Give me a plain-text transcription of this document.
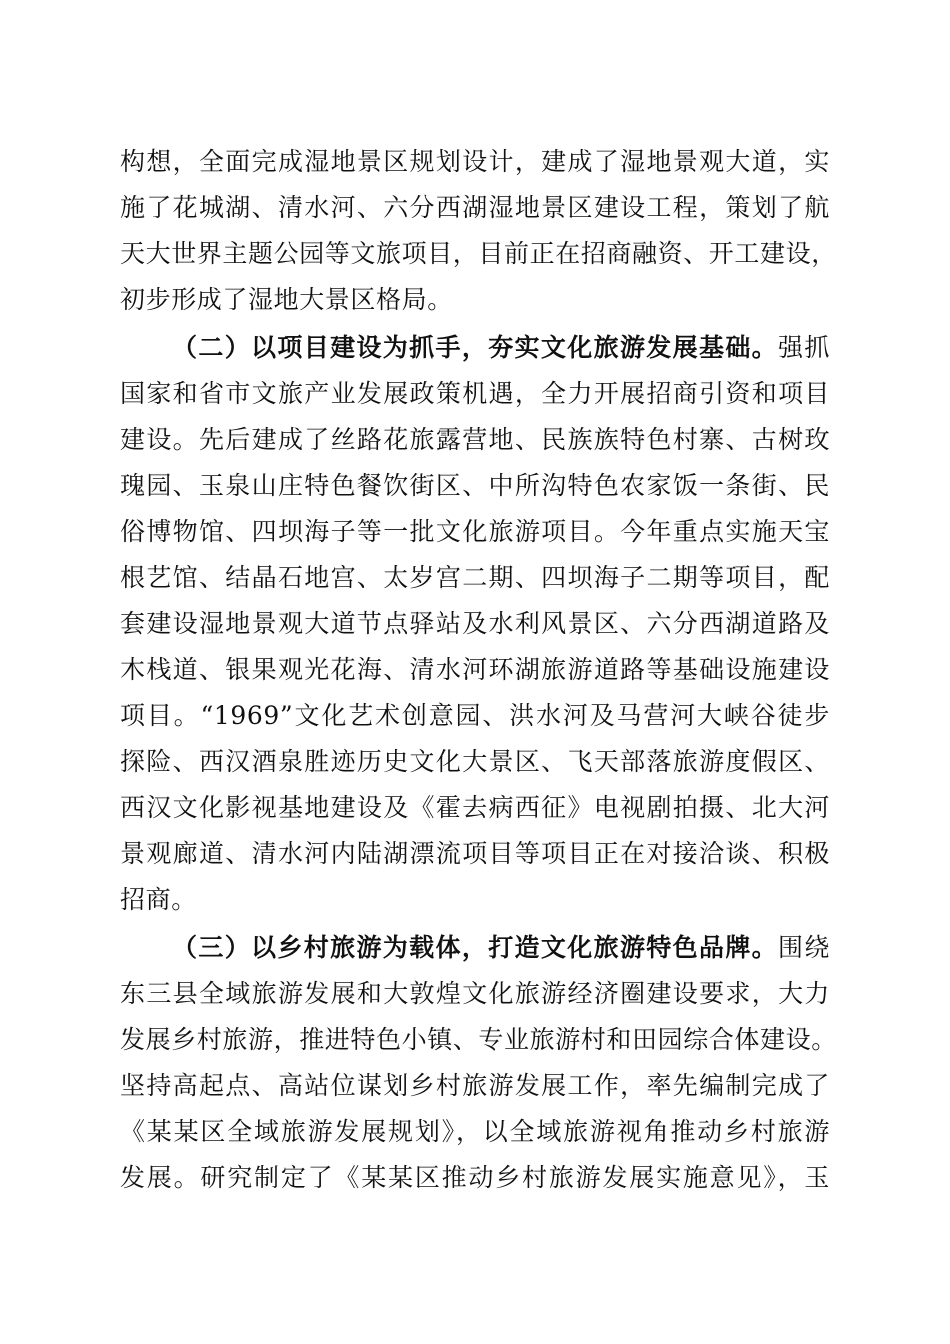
构想，全面完成湿地景区规划设计，建成了湿地景观大道，实
施了花城湖、清水河、六分西湖湿地景区建设工程，策划了航
天大世界主题公园等文旅项目，目前正在招商融资、开工建设，
初步形成了湿地大景区格局。
（二）以项目建设为抓手，夯实文化旅游发展基础。强抓
国家和省市文旅产业发展政策机遇，全力开展招商引资和项目
建设。先后建成了丝路花旅露营地、民族族特色村寨、古树玫
瑰园、玉泉山庄特色餐饮街区、中所沟特色农家饭一条街、民
俗博物馆、四坝海子等一批文化旅游项目。今年重点实施天宝
根艺馆、结晶石地宫、太岁宫二期、四坝海子二期等项目，配
套建设湿地景观大道节点驿站及水利风景区、六分西湖道路及
木栈道、银果观光花海、清水河环湖旅游道路等基础设施建设
项目。“1969”文化艺术创意园、洪水河及马营河大峡谷徒步
探险、西汉酒泉胜迹历史文化大景区、飞天部落旅游度假区、
西汉文化影视基地建设及《霍去病西征》电视剧拍摄、北大河
景观廊道、清水河内陆湖漂流项目等项目正在对接洽谈、积极
招商。
（三）以乡村旅游为载体，打造文化旅游特色品牌。围绕
东三县全域旅游发展和大敦煌文化旅游经济圈建设要求，大力
发展乡村旅游，推进特色小镇、专业旅游村和田园综合体建设。
坚持高起点、高站位谋划乡村旅游发展工作，率先编制完成了
《某某区全域旅游发展规划》，以全域旅游视角推动乡村旅游
发展。研究制定了《某某区推动乡村旅游发展实施意见》，玉
